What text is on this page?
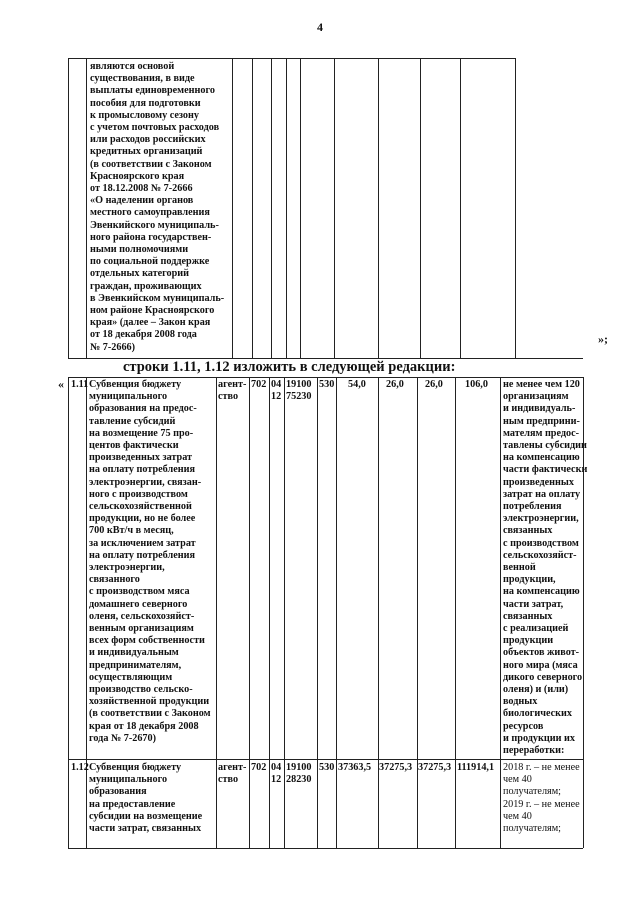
4
являются основой
существования, в виде
выплаты единовременного
пособия для подготовки
к промысловому сезону
с учетом почтовых расходов
или расходов российских
кредитных организаций
(в соответствии с Законом
Красноярского края
от 18.12.2008 № 7-2666
«О наделении органов
местного самоуправления
Эвенкийского муниципаль-
ного района государствен-
ными полномочиями
по социальной поддержке
отдельных категорий
граждан, проживающих
в Эвенкийском муниципаль-
ном районе Красноярского
края» (далее – Закон края
от 18 декабря 2008 года
№ 7-2666)
»;
строки 1.11, 1.12 изложить в следующей редакции:
« 1.11 Субвенция бюджету
муниципального
образования на предос-
тавление субсидий
на возмещение 75 про-
центов фактически
произведенных затрат
на оплату потребления
электроэнергии, связан-
ного с производством
сельскохозяйственной
продукции, но не более
700 кВт/ч в месяц,
за исключением затрат
на оплату потребления
электроэнергии,
связанного
с производством мяса
домашнего северного
оленя, сельскохозяйст-
венным организациям
всех форм собственности
и индивидуальным
предпринимателям,
осуществляющим
производство сельско-
хозяйственной продукции
(в соответствии с Законом
края от 18 декабря 2008
года № 7-2670)
агент-
ство
702 04
12
19100
75230
530 54,0 26,0 26,0 106,0 не менее чем 120
организациям
и индивидуаль-
ным предприни-
мателям предос-
тавлены субсидии
на компенсацию
части фактически
произведенных
затрат на оплату
потребления
электроэнергии,
связанных
с производством
сельскохозяйст-
венной
продукции,
на компенсацию
части затрат,
связанных
с реализацией
продукции
объектов живот-
ного мира (мяса
дикого северного
оленя) и (или)
водных
биологических
ресурсов
и продукции их
переработки:
1.12 Субвенция бюджету
муниципального
образования
на предоставление
субсидии на возмещение
части затрат, связанных
агент-
ство
702 04
12
19100
28230
530 37363,5 37275,3 37275,3 111914,1 2018 г. – не менее
чем 40
получателям;
2019 г. – не менее
чем 40
получателям;
